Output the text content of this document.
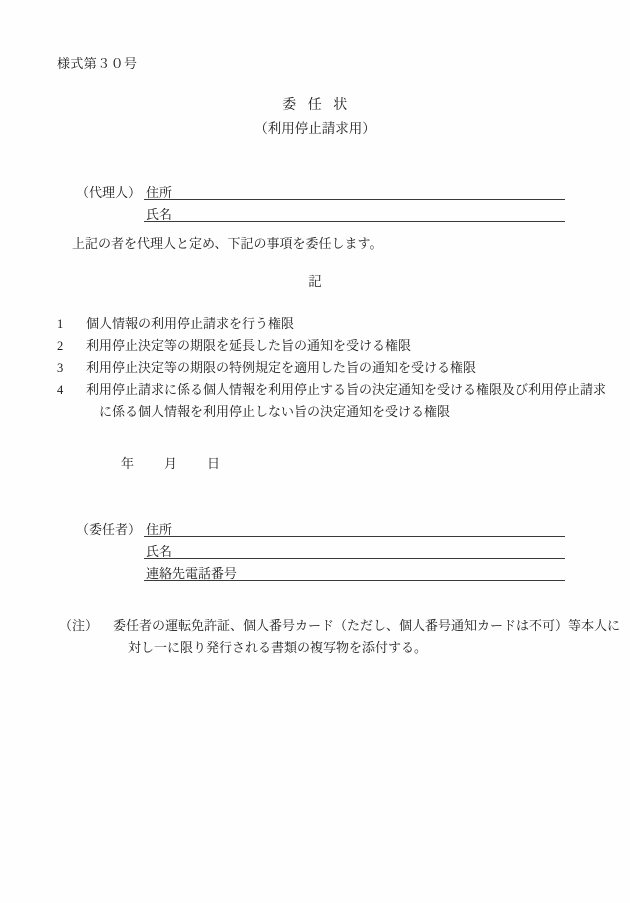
様式第３０号
委 任 状
（利用停止請求用）
（代理人） 住所
氏名
上記の者を代理人と定め、下記の事項を委任します。
記
1	個人情報の利用停止請求を行う権限
2	利用停止決定等の期限を延長した旨の通知を受ける権限
3	利用停止決定等の期限の特例規定を適用した旨の通知を受ける権限
4	利用停止請求に係る個人情報を利用停止する旨の決定通知を受ける権限及び利用停止請求
に係る個人情報を利用停止しない旨の決定通知を受ける権限
年 月 日
（委任者） 住所
氏名
連絡先電話番号
（注） 委任者の運転免許証、個人番号カード（ただし、個人番号通知カードは不可）等本人に
対し一に限り発行される書類の複写物を添付する。
